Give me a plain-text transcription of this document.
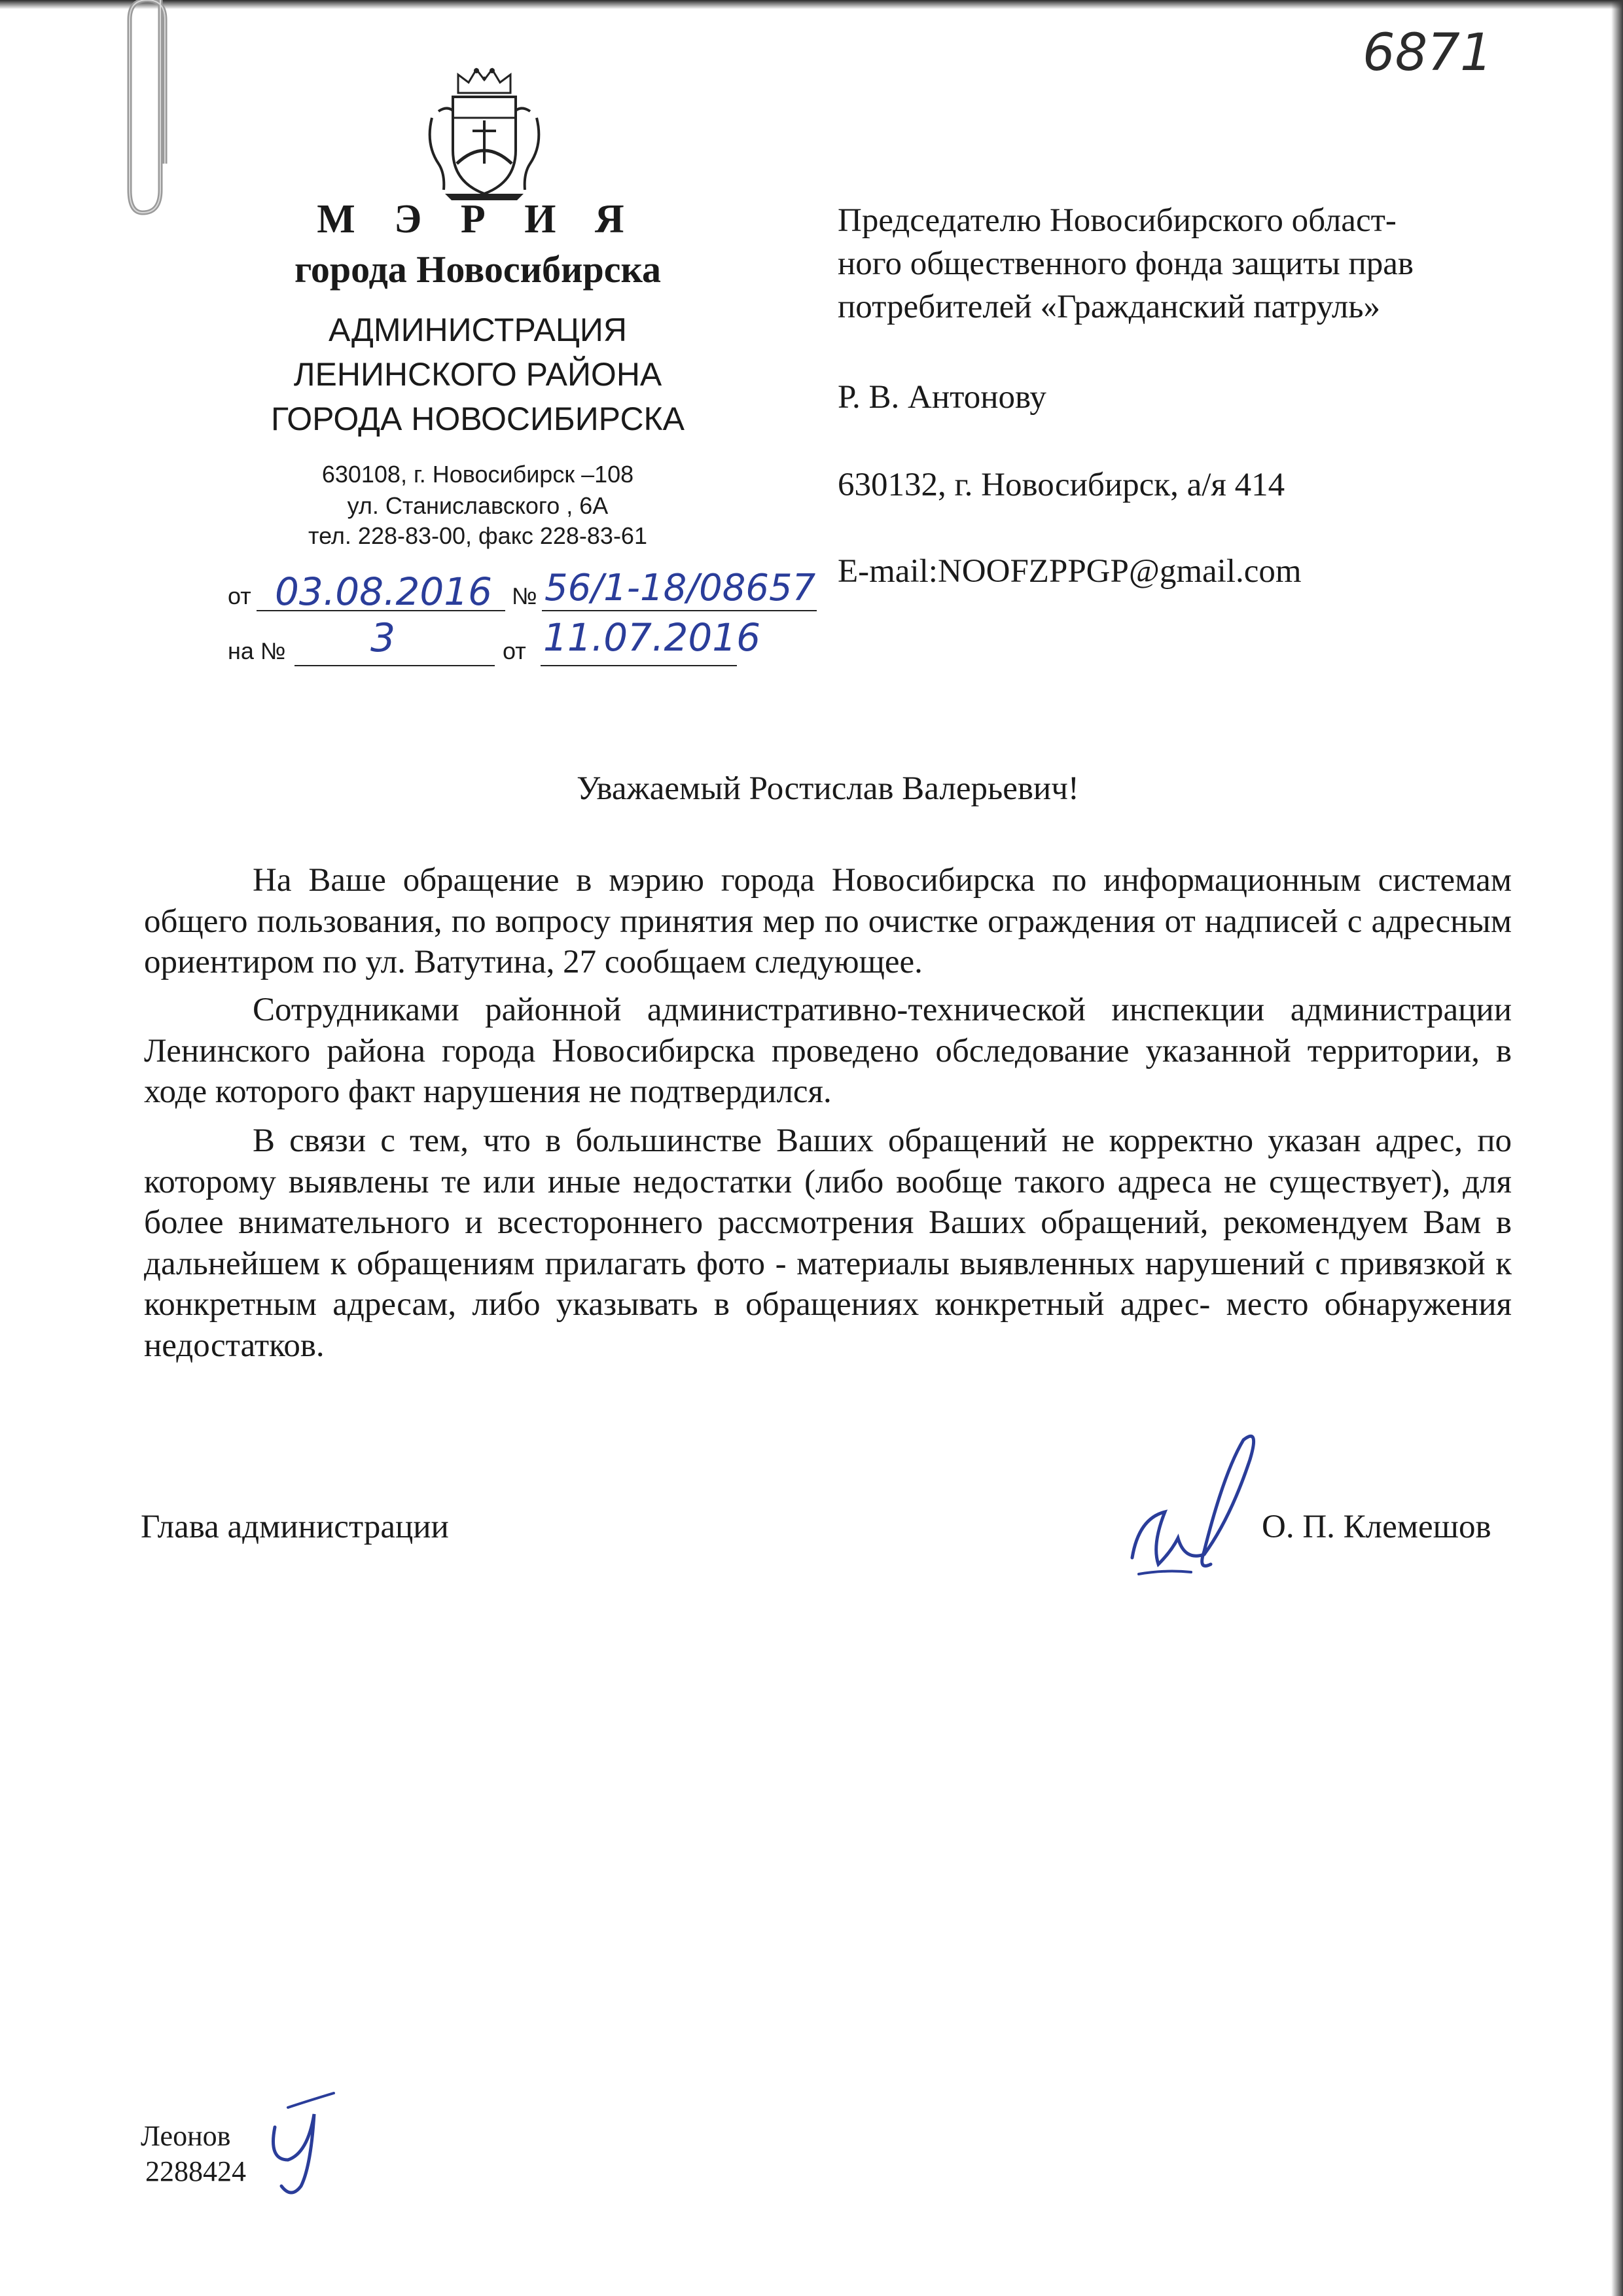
6871
М Э Р И Я
города Новосибирска
АДМИНИСТРАЦИЯ
ЛЕНИНСКОГО РАЙОНА
ГОРОДА НОВОСИБИРСКА
630108, г. Новосибирск –108
ул. Станиславского , 6А
тел. 228-83-00, факс 228-83-61
от 03.08.2016 № 56/1-18/08657
на № 3	от 11.07.2016
Председателю Новосибирского област-
ного общественного фонда защиты прав
потребителей «Гражданский патруль»
Р. В. Антонову
630132, г. Новосибирск, а/я 414
E-mail:NOOFZPPGP@gmail.com
Уважаемый Ростислав Валерьевич!
На Ваше обращение в мэрию города Новосибирска по информационным системам общего пользования, по вопросу принятия мер по очистке ограждения от надписей с адресным ориентиром по ул. Ватутина, 27 сообщаем следующее.
Сотрудниками районной административно-технической инспекции администрации Ленинского района города Новосибирска проведено обследование указанной территории, в ходе которого факт нарушения не подтвердился.
В связи с тем, что в большинстве Ваших обращений не корректно указан адрес, по которому выявлены те или иные недостатки (либо вообще такого адреса не существует), для более внимательного и всестороннего рассмотрения Ваших обращений, рекомендуем Вам в дальнейшем к обращениям прилагать фото - материалы выявленных нарушений с привязкой к конкретным адресам, либо указывать в обращениях конкретный адрес- место обнаружения недостатков.
Глава администрации	О. П. Клемешов
Леонов
2288424
